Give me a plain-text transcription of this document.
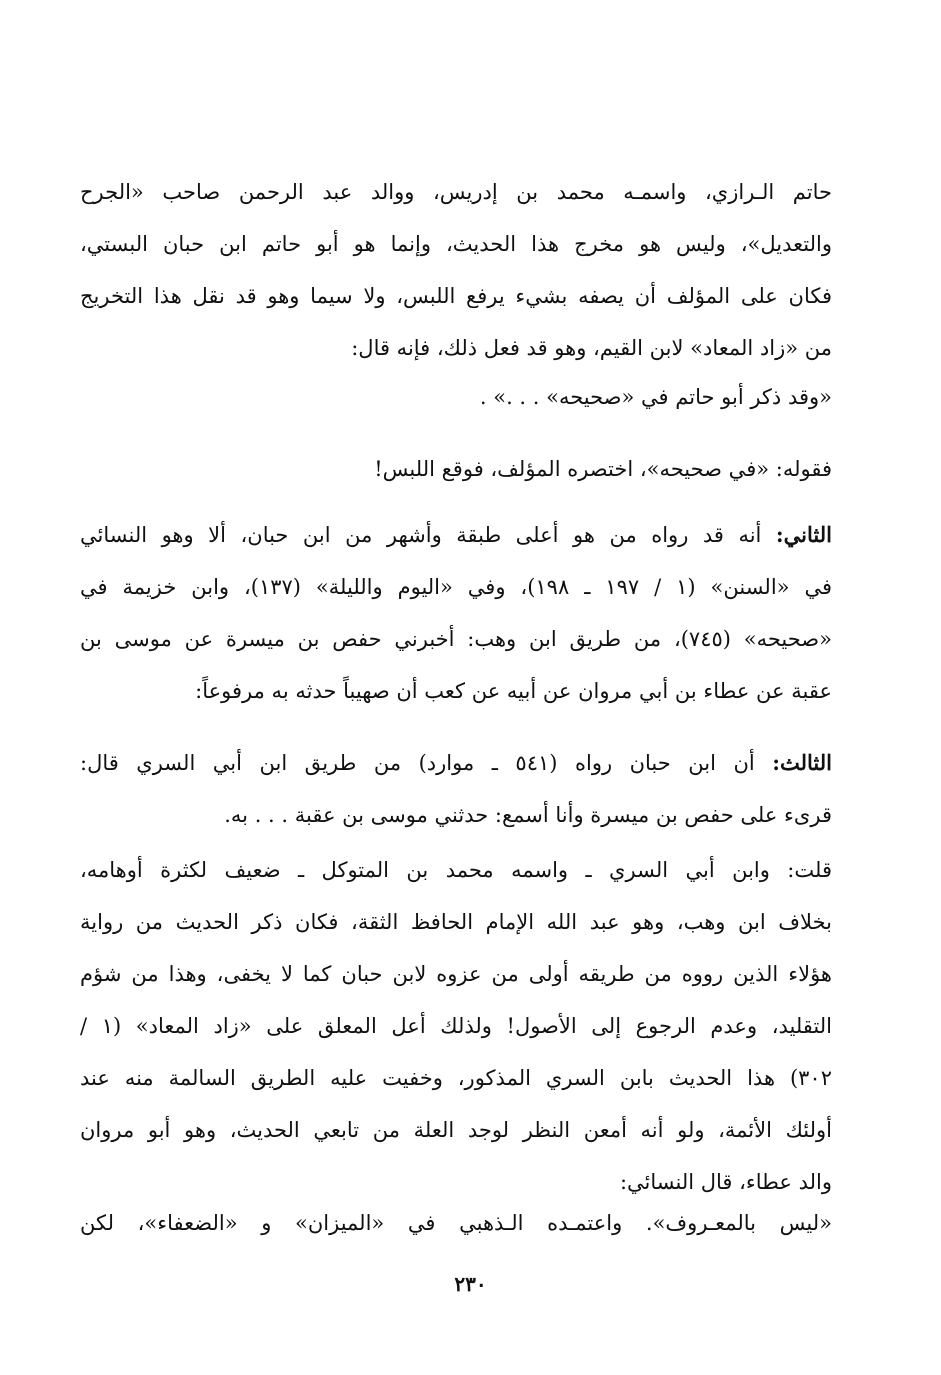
حاتم الـرازي، واسمـه محمد بن إدريس، ووالد عبد الرحمن صاحب «الجرح
والتعديل»، وليس هو مخرج هذا الحديث، وإنما هو أبو حاتم ابن حبان البستي،
فكان على المؤلف أن يصفه بشيء يرفع اللبس، ولا سيما وهو قد نقل هذا التخريج
من «زاد المعاد» لابن القيم، وهو قد فعل ذلك، فإنه قال:
«وقد ذكر أبو حاتم في «صحيحه» . . .» .
فقوله: «في صحيحه»، اختصره المؤلف، فوقع اللبس!
الثاني: أنه قد رواه من هو أعلى طبقة وأشهر من ابن حبان، ألا وهو النسائي
في «السنن» (١ / ١٩٧ ـ ١٩٨)، وفي «اليوم والليلة» (١٣٧)، وابن خزيمة في
«صحيحه» (٧٤٥)، من طريق ابن وهب: أخبرني حفص بن ميسرة عن موسى بن
عقبة عن عطاء بن أبي مروان عن أبيه عن كعب أن صهيباً حدثه به مرفوعاً:
الثالث: أن ابن حبان رواه (٥٤١ ـ موارد) من طريق ابن أبي السري قال:
قرىء على حفص بن ميسرة وأنا أسمع: حدثني موسى بن عقبة . . . به.
قلت: وابن أبي السري ـ واسمه محمد بن المتوكل ـ ضعيف لكثرة أوهامه،
بخلاف ابن وهب، وهو عبد الله الإمام الحافظ الثقة، فكان ذكر الحديث من رواية
هؤلاء الذين رووه من طريقه أولى من عزوه لابن حبان كما لا يخفى، وهذا من شؤم
التقليد، وعدم الرجوع إلى الأصول! ولذلك أعل المعلق على «زاد المعاد» (١ /
٣٠٢) هذا الحديث بابن السري المذكور، وخفيت عليه الطريق السالمة منه عند
أولئك الأئمة، ولو أنه أمعن النظر لوجد العلة من تابعي الحديث، وهو أبو مروان
والد عطاء، قال النسائي:
«ليس بالمعـروف». واعتمـده الـذهبي في «الميزان» و «الضعفاء»، لكن
٢٣٠
